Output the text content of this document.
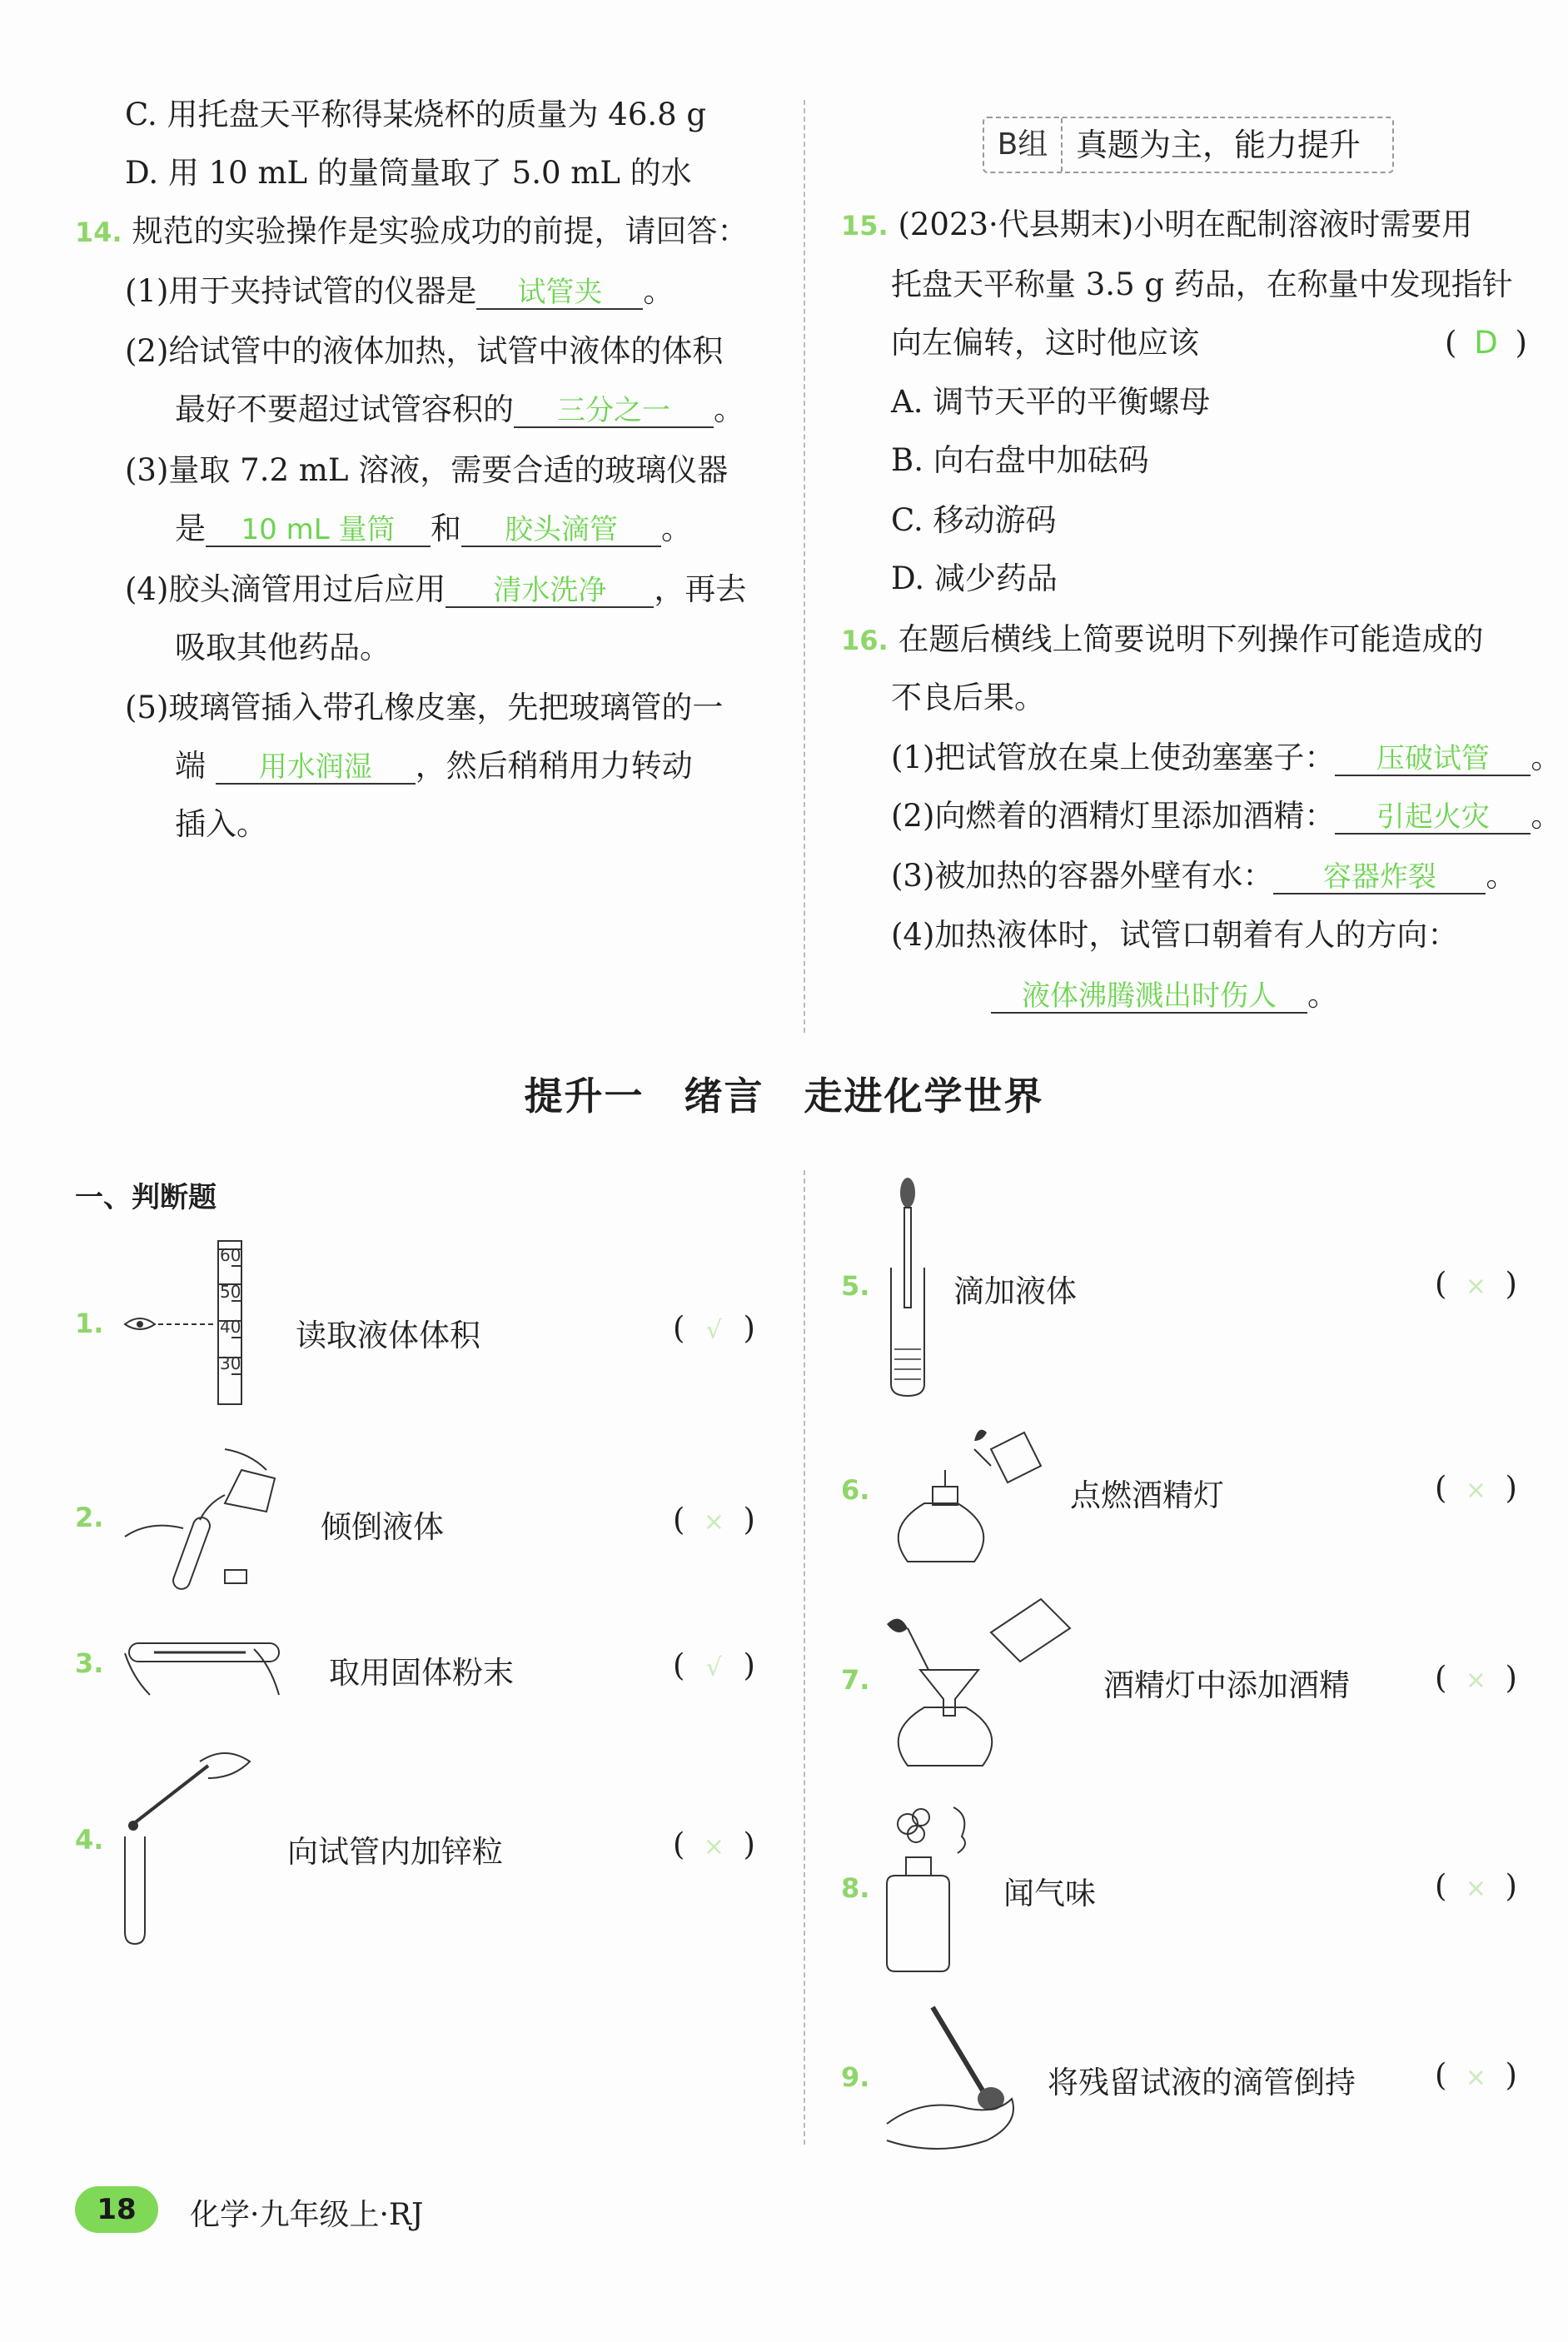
C. 用托盘天平称得某烧杯的质量为 46.8 g
D. 用 10 mL 的量筒量取了 5.0 mL 的水
14. 规范的实验操作是实验成功的前提，请回答：
(1)用于夹持试管的仪器是 试管夹 。
(2)给试管中的液体加热，试管中液体的体积
最好不要超过试管容积的 三分之一 。
(3)量取 7.2 mL 溶液，需要合适的玻璃仪器
是 10 mL 量筒 和 胶头滴管 。
(4)胶头滴管用过后应用 清水洗净 ，再去
吸取其他药品。
(5)玻璃管插入带孔橡皮塞，先把玻璃管的一
端 用水润湿 ，然后稍稍用力转动
插入。
B组 真题为主，能力提升
15. (2023·代县期末)小明在配制溶液时需要用
托盘天平称量 3.5 g 药品，在称量中发现指针
向左偏转，这时他应该	( D )
A. 调节天平的平衡螺母
B. 向右盘中加砝码
C. 移动游码
D. 减少药品
16. 在题后横线上简要说明下列操作可能造成的
不良后果。
(1)把试管放在桌上使劲塞塞子： 压破试管 。
(2)向燃着的酒精灯里添加酒精： 引起火灾 。
(3)被加热的容器外壁有水： 容器炸裂 。
(4)加热液体时，试管口朝着有人的方向：
液体沸腾溅出时伤人 。
提升一　绪言　走进化学世界
一、判断题
1.
60
50
40
30
读取液体体积	( √ )
2.	倾倒液体	( × )
3.	取用固体粉末	( √ )
4.	向试管内加锌粒	( × )
5.	滴加液体	( × )
6.	点燃酒精灯	( × )
7.	酒精灯中添加酒精	( × )
8.	闻气味	( × )
9.	将残留试液的滴管倒持	( × )
18	化学·九年级上·RJ
